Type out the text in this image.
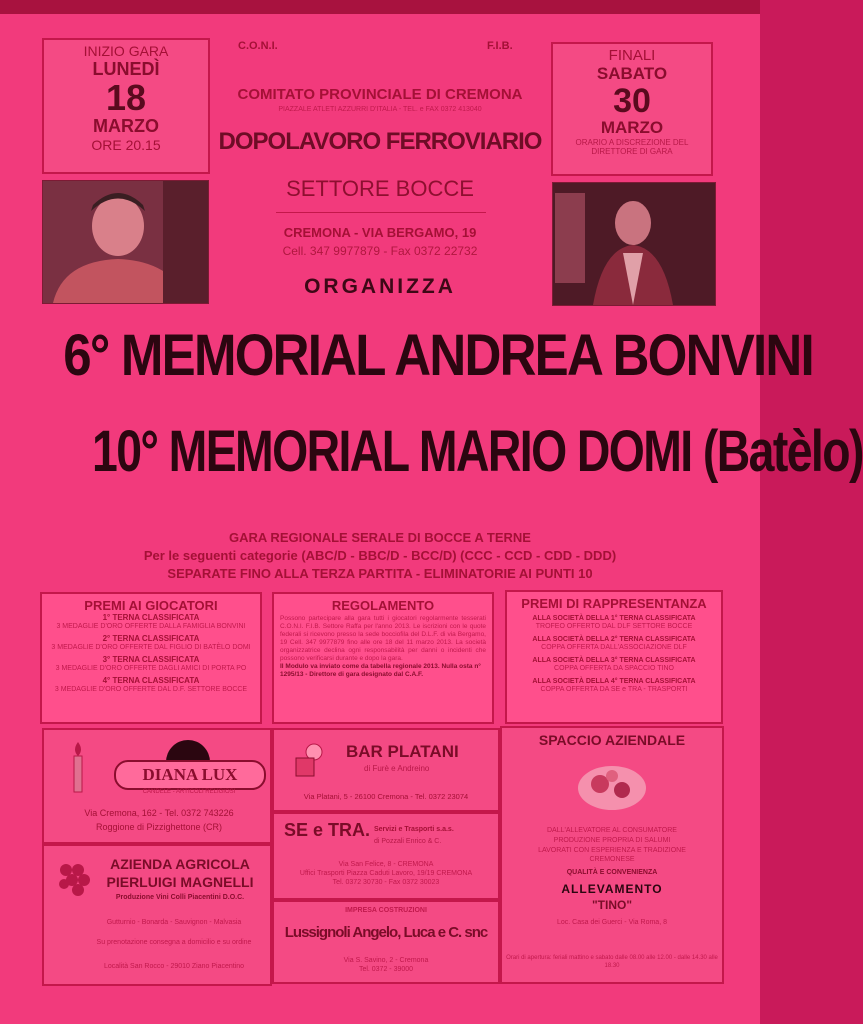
INIZIO GARA
LUNEDÌ
18
MARZO
ORE 20.15
FINALI
SABATO
30
MARZO
ORARIO A DISCREZIONE DEL DIRETTORE DI GARA
C.O.N.I.	F.I.B.
COMITATO PROVINCIALE DI CREMONA
PIAZZALE ATLETI AZZURRI D'ITALIA - TEL. e FAX 0372 413040
DOPOLAVORO FERROVIARIO
SETTORE BOCCE
CREMONA - VIA BERGAMO, 19
Cell. 347 9977879 - Fax 0372 22732
ORGANIZZA
6° MEMORIAL ANDREA BONVINI
10° MEMORIAL MARIO DOMI (Batèlo)
GARA REGIONALE SERALE DI BOCCE A TERNE
Per le seguenti categorie (ABC/D - BBC/D - BCC/D) (CCC - CCD - CDD - DDD)
SEPARATE FINO ALLA TERZA PARTITA - ELIMINATORIE AI PUNTI 10
PREMI AI GIOCATORI
1° TERNA CLASSIFICATA
3 MEDAGLIE D'ORO OFFERTE DALLA FAMIGLIA BONVINI
2° TERNA CLASSIFICATA
3 MEDAGLIE D'ORO OFFERTE DAL FIGLIO DI BATÈLO DOMI
3° TERNA CLASSIFICATA
3 MEDAGLIE D'ORO OFFERTE DAGLI AMICI DI PORTA PO
4° TERNA CLASSIFICATA
3 MEDAGLIE D'ORO OFFERTE DAL D.F. SETTORE BOCCE
REGOLAMENTO
Possono partecipare alla gara tutti i giocatori regolarmente tesserati C.O.N.I. F.I.B. Settore Raffa per l'anno 2013. Le iscrizioni con le quote federali si ricevono presso la sede bocciofila del D.L.F. di via Bergamo, 19 Cell. 347 9977879 fino alle ore 18 del 11 marzo 2013. La società organizzatrice declina ogni responsabilità per danni o incidenti che possono verificarsi durante e dopo la gara.
Il Modulo va inviato come da tabella regionale 2013. Nulla osta n° 1295/13 - Direttore di gara designato dal C.A.F.
PREMI DI RAPPRESENTANZA
ALLA SOCIETÀ DELLA 1° TERNA CLASSIFICATA
TROFEO OFFERTO DAL DLF SETTORE BOCCE
ALLA SOCIETÀ DELLA 2° TERNA CLASSIFICATA
COPPA OFFERTA DALL'ASSOCIAZIONE DLF
ALLA SOCIETÀ DELLA 3° TERNA CLASSIFICATA
COPPA OFFERTA DA SPACCIO TINO
ALLA SOCIETÀ DELLA 4° TERNA CLASSIFICATA
COPPA OFFERTA DA SE e TRA - TRASPORTI
DIANA LUX
CANDELE - ARTICOLI RELIGIOSI
Via Cremona, 162 - Tel. 0372 743226
Roggione di Pizzighettone (CR)
BAR PLATANI
di Furè e Andreino
Via Platani, 5 - 26100 Cremona - Tel. 0372 23074
SPACCIO AZIENDALE
DALL'ALLEVATORE AL CONSUMATORE
PRODUZIONE PROPRIA DI SALUMI
LAVORATI CON ESPERIENZA E TRADIZIONE CREMONESE
QUALITÀ E CONVENIENZA
ALLEVAMENTO
"TINO"
Loc. Casa dei Guerci - Via Roma, 8
Orari di apertura: feriali mattino e sabato dalle 08.00 alle 12.00 - dalle 14.30 alle 18.30
SE e TRA. Servizi e Trasporti s.a.s.
di Pozzali Enrico & C.
Via San Felice, 8 - CREMONA
Uffici Trasporti Piazza Caduti Lavoro, 19/19 CREMONA
Tel. 0372 30730 - Fax 0372 30023
AZIENDA AGRICOLA
PIERLUIGI MAGNELLI
Produzione Vini Colli Piacentini D.O.C.
Gutturnio - Bonarda - Sauvignon - Malvasia
Su prenotazione consegna a domicilio e su ordine
Località San Rocco - 29010 Ziano Piacentino
IMPRESA COSTRUZIONI
Lussignoli Angelo, Luca e C. snc
Via S. Savino, 2 - Cremona
Tel. 0372 - 39000
